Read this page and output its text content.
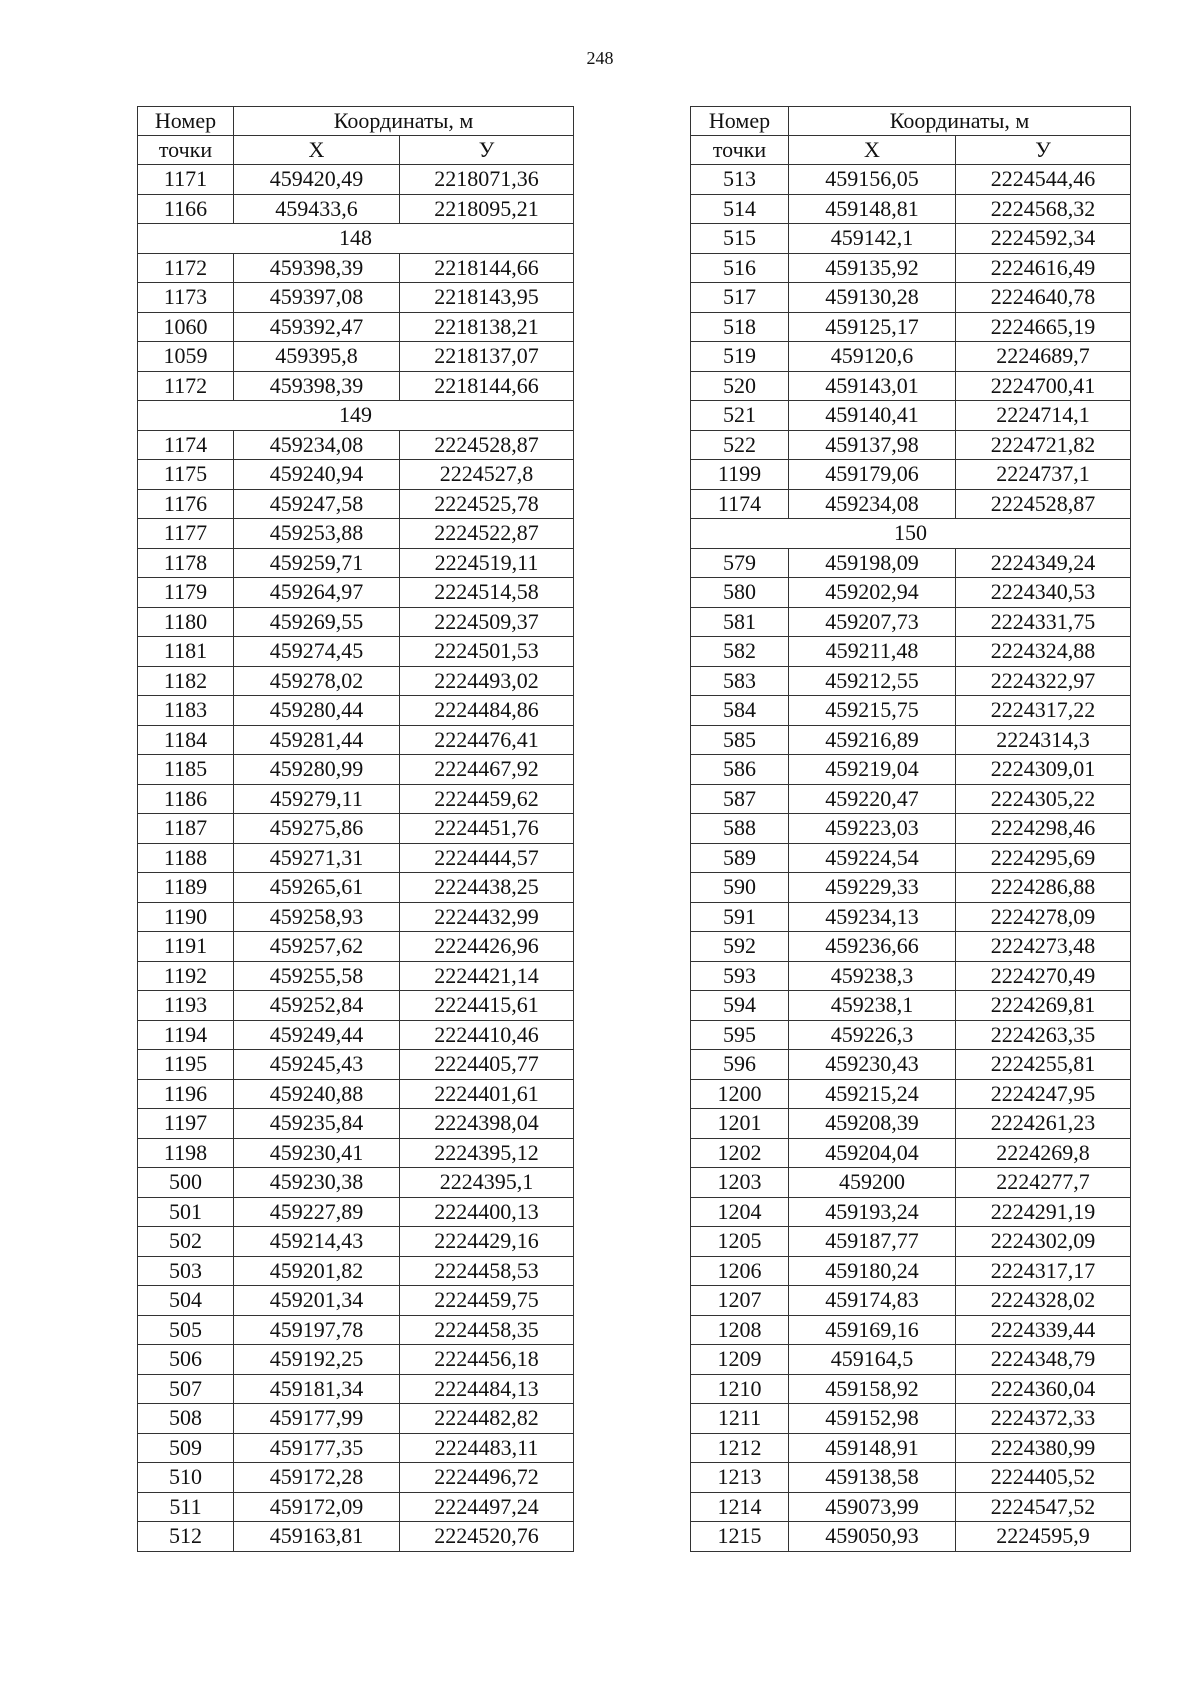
248
Номер	Координаты, м	
точки	X	У
1171	459420,49	2218071,36
1166	459433,6	2218095,21
148		
1172	459398,39	2218144,66
1173	459397,08	2218143,95
1060	459392,47	2218138,21
1059	459395,8	2218137,07
1172	459398,39	2218144,66
149		
1174	459234,08	2224528,87
1175	459240,94	2224527,8
1176	459247,58	2224525,78
1177	459253,88	2224522,87
1178	459259,71	2224519,11
1179	459264,97	2224514,58
1180	459269,55	2224509,37
1181	459274,45	2224501,53
1182	459278,02	2224493,02
1183	459280,44	2224484,86
1184	459281,44	2224476,41
1185	459280,99	2224467,92
1186	459279,11	2224459,62
1187	459275,86	2224451,76
1188	459271,31	2224444,57
1189	459265,61	2224438,25
1190	459258,93	2224432,99
1191	459257,62	2224426,96
1192	459255,58	2224421,14
1193	459252,84	2224415,61
1194	459249,44	2224410,46
1195	459245,43	2224405,77
1196	459240,88	2224401,61
1197	459235,84	2224398,04
1198	459230,41	2224395,12
500	459230,38	2224395,1
501	459227,89	2224400,13
502	459214,43	2224429,16
503	459201,82	2224458,53
504	459201,34	2224459,75
505	459197,78	2224458,35
506	459192,25	2224456,18
507	459181,34	2224484,13
508	459177,99	2224482,82
509	459177,35	2224483,11
510	459172,28	2224496,72
511	459172,09	2224497,24
512	459163,81	2224520,76
Номер	Координаты, м	
точки	X	У
513	459156,05	2224544,46
514	459148,81	2224568,32
515	459142,1	2224592,34
516	459135,92	2224616,49
517	459130,28	2224640,78
518	459125,17	2224665,19
519	459120,6	2224689,7
520	459143,01	2224700,41
521	459140,41	2224714,1
522	459137,98	2224721,82
1199	459179,06	2224737,1
1174	459234,08	2224528,87
150		
579	459198,09	2224349,24
580	459202,94	2224340,53
581	459207,73	2224331,75
582	459211,48	2224324,88
583	459212,55	2224322,97
584	459215,75	2224317,22
585	459216,89	2224314,3
586	459219,04	2224309,01
587	459220,47	2224305,22
588	459223,03	2224298,46
589	459224,54	2224295,69
590	459229,33	2224286,88
591	459234,13	2224278,09
592	459236,66	2224273,48
593	459238,3	2224270,49
594	459238,1	2224269,81
595	459226,3	2224263,35
596	459230,43	2224255,81
1200	459215,24	2224247,95
1201	459208,39	2224261,23
1202	459204,04	2224269,8
1203	459200	2224277,7
1204	459193,24	2224291,19
1205	459187,77	2224302,09
1206	459180,24	2224317,17
1207	459174,83	2224328,02
1208	459169,16	2224339,44
1209	459164,5	2224348,79
1210	459158,92	2224360,04
1211	459152,98	2224372,33
1212	459148,91	2224380,99
1213	459138,58	2224405,52
1214	459073,99	2224547,52
1215	459050,93	2224595,9
